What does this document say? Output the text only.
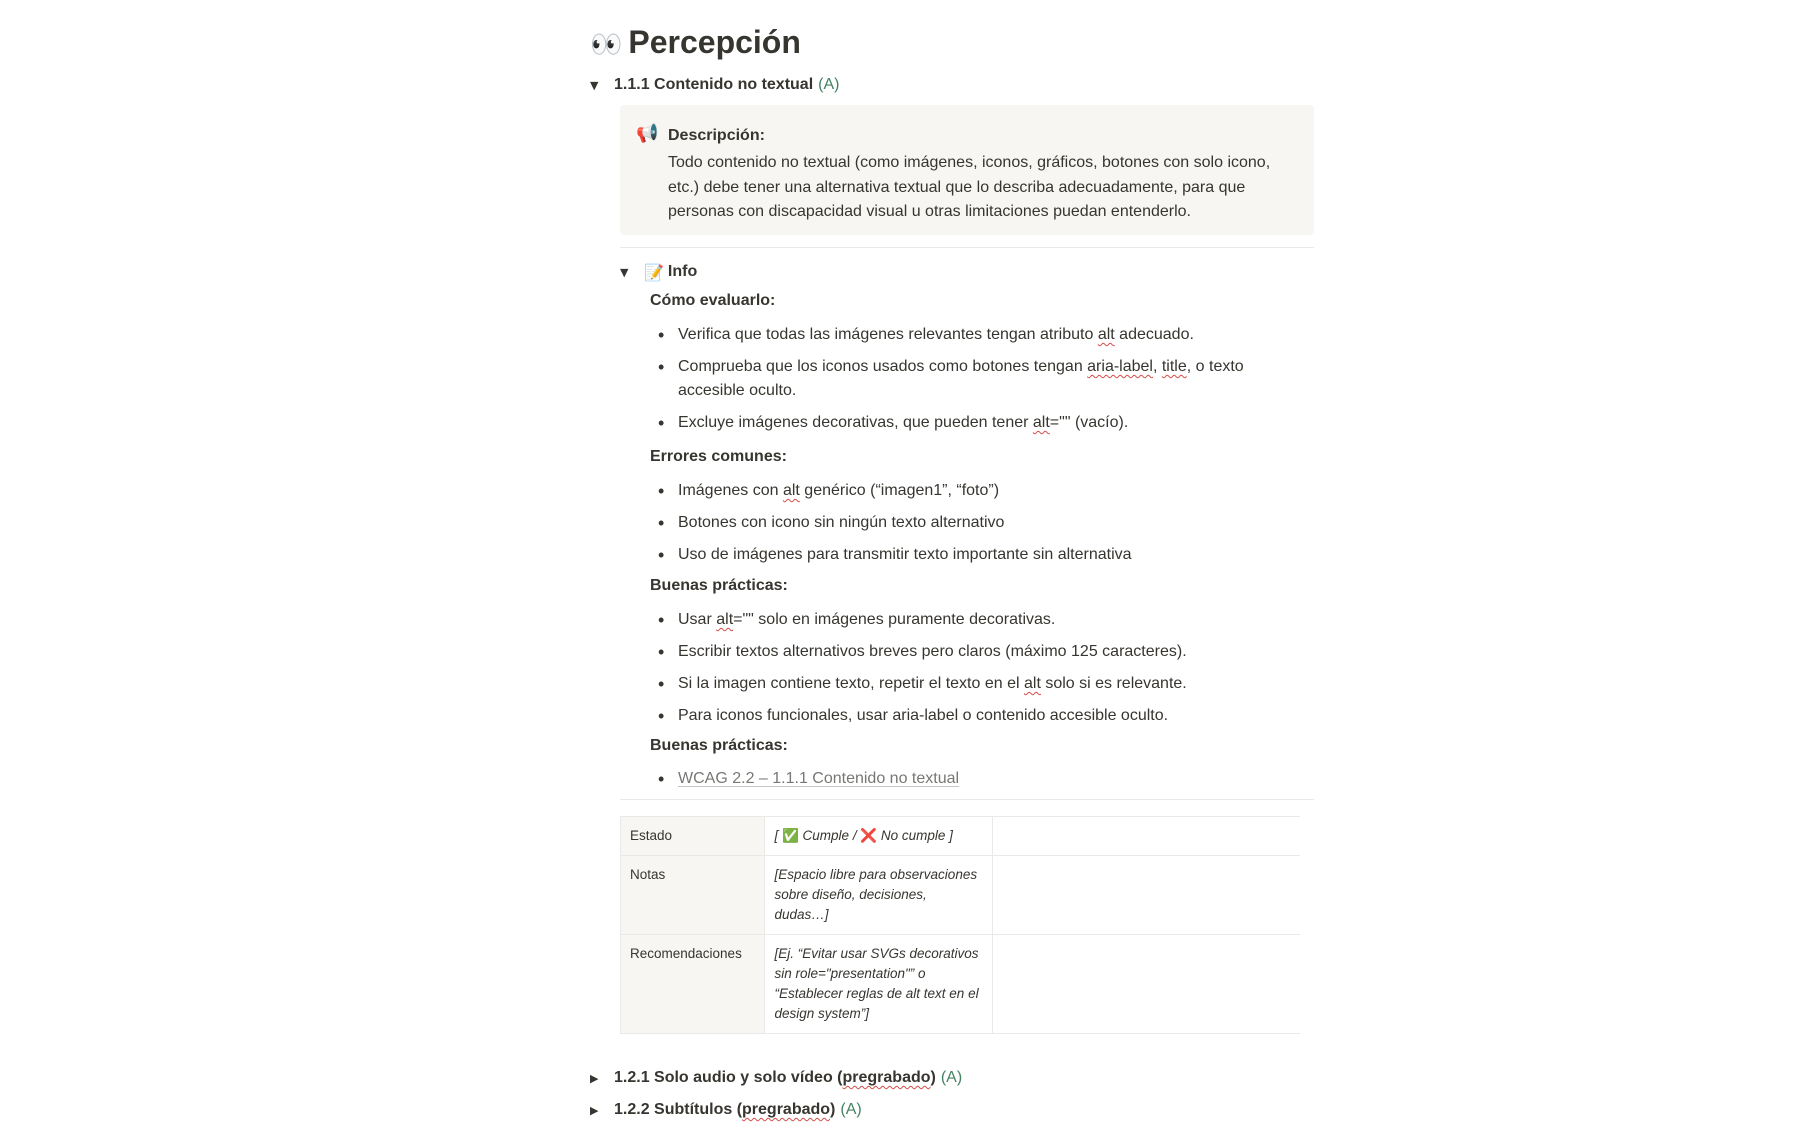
👀 Percepción
▼ 1.1.1 Contenido no textual (A)
📢 Descripción:
Todo contenido no textual (como imágenes, iconos, gráficos, botones con solo icono, etc.) debe tener una alternativa textual que lo describa adecuadamente, para que personas con discapacidad visual u otras limitaciones puedan entenderlo.
▼ 📝 Info
Cómo evaluarlo:
• Verifica que todas las imágenes relevantes tengan atributo alt adecuado.
• Comprueba que los iconos usados como botones tengan aria-label, title, o texto accesible oculto.
• Excluye imágenes decorativas, que pueden tener alt="" (vacío).
Errores comunes:
• Imágenes con alt genérico (“imagen1”, “foto”)
• Botones con icono sin ningún texto alternativo
• Uso de imágenes para transmitir texto importante sin alternativa
Buenas prácticas:
• Usar alt="" solo en imágenes puramente decorativas.
• Escribir textos alternativos breves pero claros (máximo 125 caracteres).
• Si la imagen contiene texto, repetir el texto en el alt solo si es relevante.
• Para iconos funcionales, usar aria-label o contenido accesible oculto.
Buenas prácticas:
• WCAG 2.2 – 1.1.1 Contenido no textual
Estado	[ ✅ Cumple / ❌ No cumple ]	
Notas	[Espacio libre para observaciones sobre diseño, decisiones, dudas…]	
Recomendaciones	[Ej. “Evitar usar SVGs decorativos sin role="presentation"” o “Establecer reglas de alt text en el design system”]	
▶ 1.2.1 Solo audio y solo vídeo (pregrabado) (A)
▶ 1.2.2 Subtítulos (pregrabado) (A)
